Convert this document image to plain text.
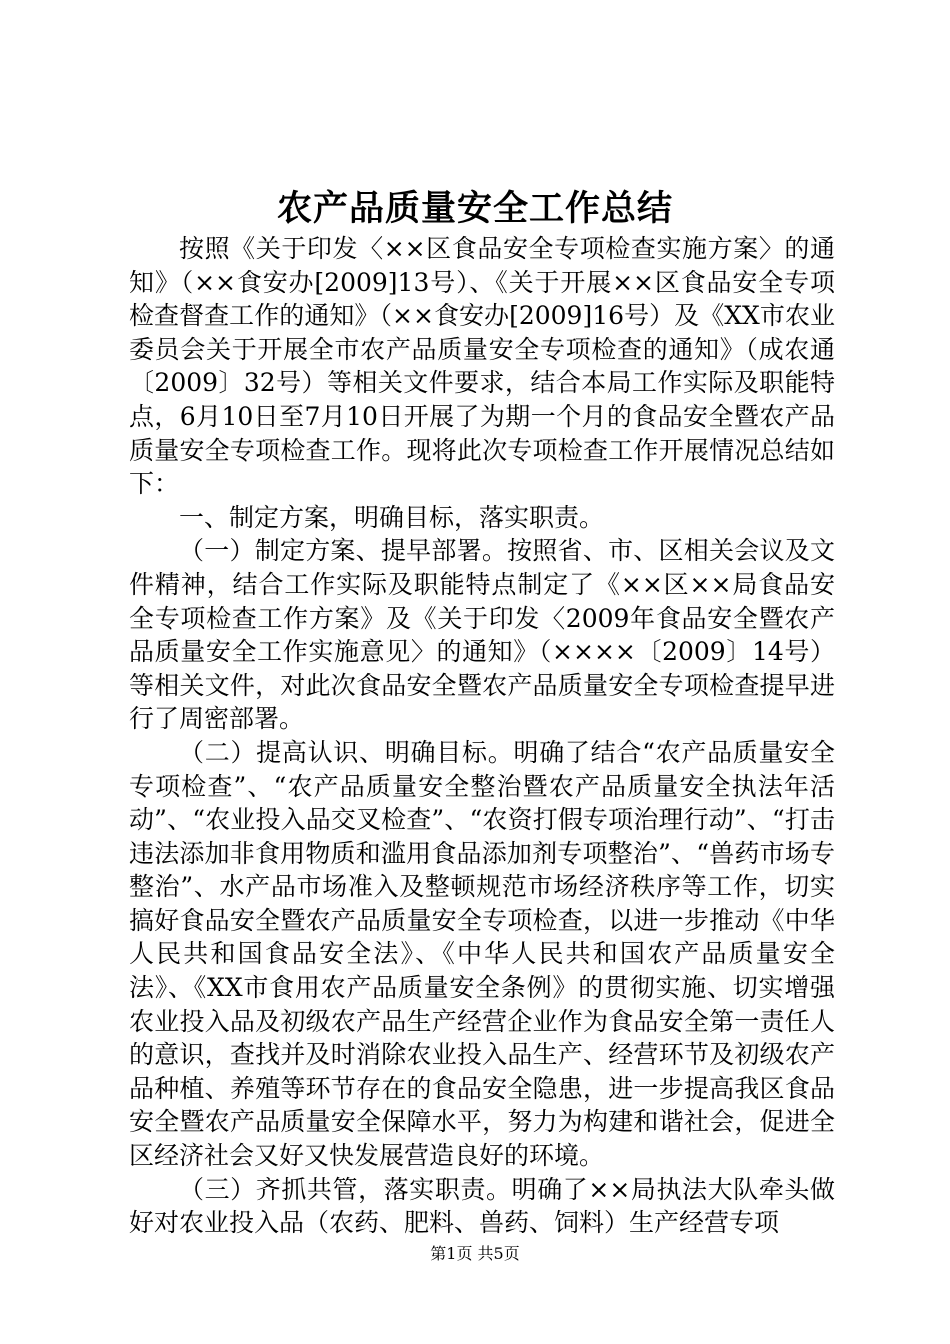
农产品质量安全工作总结

按照《关于印发〈××区食品安全专项检查实施方案〉的通知》（××食安办[2009]13号）、《关于开展××区食品安全专项检查督查工作的通知》（××食安办[2009]16号）及《XX市农业委员会关于开展全市农产品质量安全专项检查的通知》（成农通〔2009〕32号）等相关文件要求，结合本局工作实际及职能特点，6月10日至7月10日开展了为期一个月的食品安全暨农产品质量安全专项检查工作。现将此次专项检查工作开展情况总结如下：

一、制定方案，明确目标，落实职责。

（一）制定方案、提早部署。按照省、市、区相关会议及文件精神，结合工作实际及职能特点制定了《××区××局食品安全专项检查工作方案》及《关于印发〈2009年食品安全暨农产品质量安全工作实施意见〉的通知》（××××〔2009〕14号）等相关文件，对此次食品安全暨农产品质量安全专项检查提早进行了周密部署。

（二）提高认识、明确目标。明确了结合“农产品质量安全专项检查”、“农产品质量安全整治暨农产品质量安全执法年活动”、“农业投入品交叉检查”、“农资打假专项治理行动”、“打击违法添加非食用物质和滥用食品添加剂专项整治”、“兽药市场专整治”、水产品市场准入及整顿规范市场经济秩序等工作，切实搞好食品安全暨农产品质量安全专项检查，以进一步推动《中华人民共和国食品安全法》、《中华人民共和国农产品质量安全法》、《XX市食用农产品质量安全条例》的贯彻实施、切实增强农业投入品及初级农产品生产经营企业作为食品安全第一责任人的意识，查找并及时消除农业投入品生产、经营环节及初级农产品种植、养殖等环节存在的食品安全隐患，进一步提高我区食品安全暨农产品质量安全保障水平，努力为构建和谐社会，促进全区经济社会又好又快发展营造良好的环境。

（三）齐抓共管，落实职责。明确了××局执法大队牵头做好对农业投入品（农药、肥料、兽药、饲料）生产经营专项

第1页 共5页
